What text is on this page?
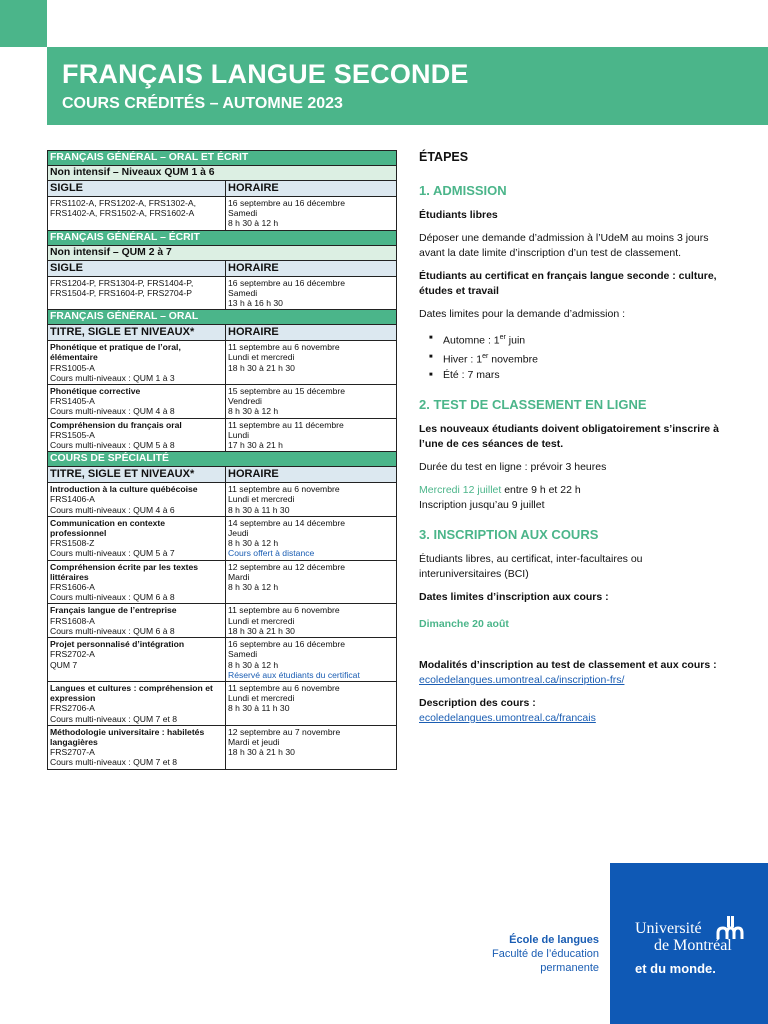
FRANÇAIS LANGUE SECONDE
COURS CRÉDITÉS – AUTOMNE 2023
FRANÇAIS GÉNÉRAL – ORAL ET ÉCRIT	
Non intensif – Niveaux QUM 1 à 6	
SIGLE	HORAIRE

FRS1102-A, FRS1202-A, FRS1302-A,
FRS1402-A, FRS1502-A, FRS1602-A	16 septembre au 16 décembre
Samedi
8 h 30 à 12 h

FRANÇAIS GÉNÉRAL – ÉCRIT	
Non intensif – QUM 2 à 7	
SIGLE	HORAIRE

FRS1204-P, FRS1304-P, FRS1404-P,
FRS1504-P, FRS1604-P, FRS2704-P	16 septembre au 16 décembre
Samedi
13 h à 16 h 30

FRANÇAIS GÉNÉRAL – ORAL	
TITRE, SIGLE ET NIVEAUX*	HORAIRE

Phonétique et pratique de l’oral, élémentaire
FRS1005-A
Cours multi-niveaux : QUM 1 à 3	11 septembre au 6 novembre
Lundi et mercredi
18 h 30 à 21 h 30

Phonétique corrective
FRS1405-A
Cours multi-niveaux : QUM 4 à 8	15 septembre au 15 décembre
Vendredi
8 h 30 à 12 h

Compréhension du français oral
FRS1505-A
Cours multi-niveaux : QUM 5 à 8	11 septembre au 11 décembre
Lundi
17 h 30 à 21 h

COURS DE SPÉCIALITÉ	
TITRE, SIGLE ET NIVEAUX*	HORAIRE

Introduction à la culture québécoise
FRS1406-A
Cours multi-niveaux : QUM 4 à 6	11 septembre au 6 novembre
Lundi et mercredi
8 h 30 à 11 h 30

Communication en contexte professionnel
FRS1508-Z
Cours multi-niveaux : QUM 5 à 7	14 septembre au 14 décembre
Jeudi
8 h 30 à 12 h
Cours offert à distance

Compréhension écrite par les textes littéraires
FRS1606-A
Cours multi-niveaux : QUM 6 à 8	12 septembre au 12 décembre
Mardi
8 h 30 à 12 h

Français langue de l’entreprise
FRS1608-A
Cours multi-niveaux : QUM 6 à 8	11 septembre au 6 novembre
Lundi et mercredi
18 h 30 à 21 h 30

Projet personnalisé d’intégration
FRS2702-A
QUM 7	16 septembre au 16 décembre
Samedi
8 h 30 à 12 h
Réservé aux étudiants du certificat

Langues et cultures : compréhension et expression
FRS2706-A
Cours multi-niveaux : QUM 7 et 8	11 septembre au 6 novembre
Lundi et mercredi
8 h 30 à 11 h 30

Méthodologie universitaire : habiletés langagières
FRS2707-A
Cours multi-niveaux : QUM 7 et 8	12 septembre au 7 novembre
Mardi et jeudi
18 h 30 à 21 h 30
ÉTAPES
1. ADMISSION

Étudiants libres

Déposer une demande d’admission à l’UdeM au moins 3 jours avant la date limite d’inscription d’un test de classement.

Étudiants au certificat en français langue seconde : culture, études et travail

Dates limites pour la demande d’admission :

■ Automne : 1er juin
■ Hiver : 1er novembre
■ Été : 7 mars
2. TEST DE CLASSEMENT EN LIGNE

Les nouveaux étudiants doivent obligatoirement s’inscrire à l’une de ces séances de test.

Durée du test en ligne : prévoir 3 heures

Mercredi 12 juillet entre 9 h et 22 h
Inscription jusqu’au 9 juillet

3. INSCRIPTION AUX COURS

Étudiants libres, au certificat, inter-facultaires ou interuniversitaires (BCI)

Dates limites d’inscription aux cours :

Dimanche 20 août

Modalités d’inscription au test de classement et aux cours : ecoledelangues.umontreal.ca/inscription-frs/

Description des cours :
ecoledelangues.umontreal.ca/francais

École de langues
Faculté de l’éducation
permanente
Université
de Montréal
et du monde.
